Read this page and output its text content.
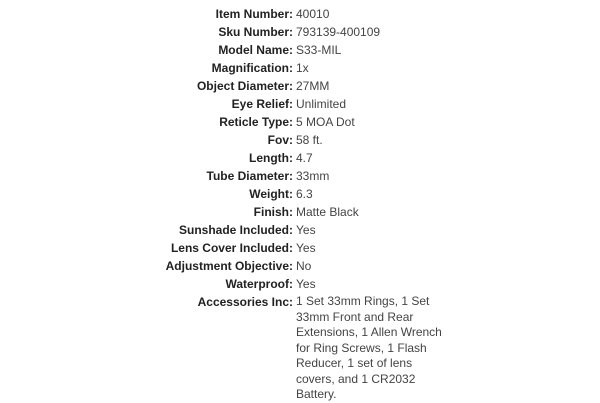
Item Number: 40010
Sku Number: 793139-400109
Model Name: S33-MIL
Magnification: 1x
Object Diameter: 27MM
Eye Relief: Unlimited
Reticle Type: 5 MOA Dot
Fov: 58 ft.
Length: 4.7
Tube Diameter: 33mm
Weight: 6.3
Finish: Matte Black
Sunshade Included: Yes
Lens Cover Included: Yes
Adjustment Objective: No
Waterproof: Yes
Accessories Inc: 1 Set 33mm Rings, 1 Set 33mm Front and Rear Extensions, 1 Allen Wrench for Ring Screws, 1 Flash Reducer, 1 set of lens covers, and 1 CR2032 Battery.
